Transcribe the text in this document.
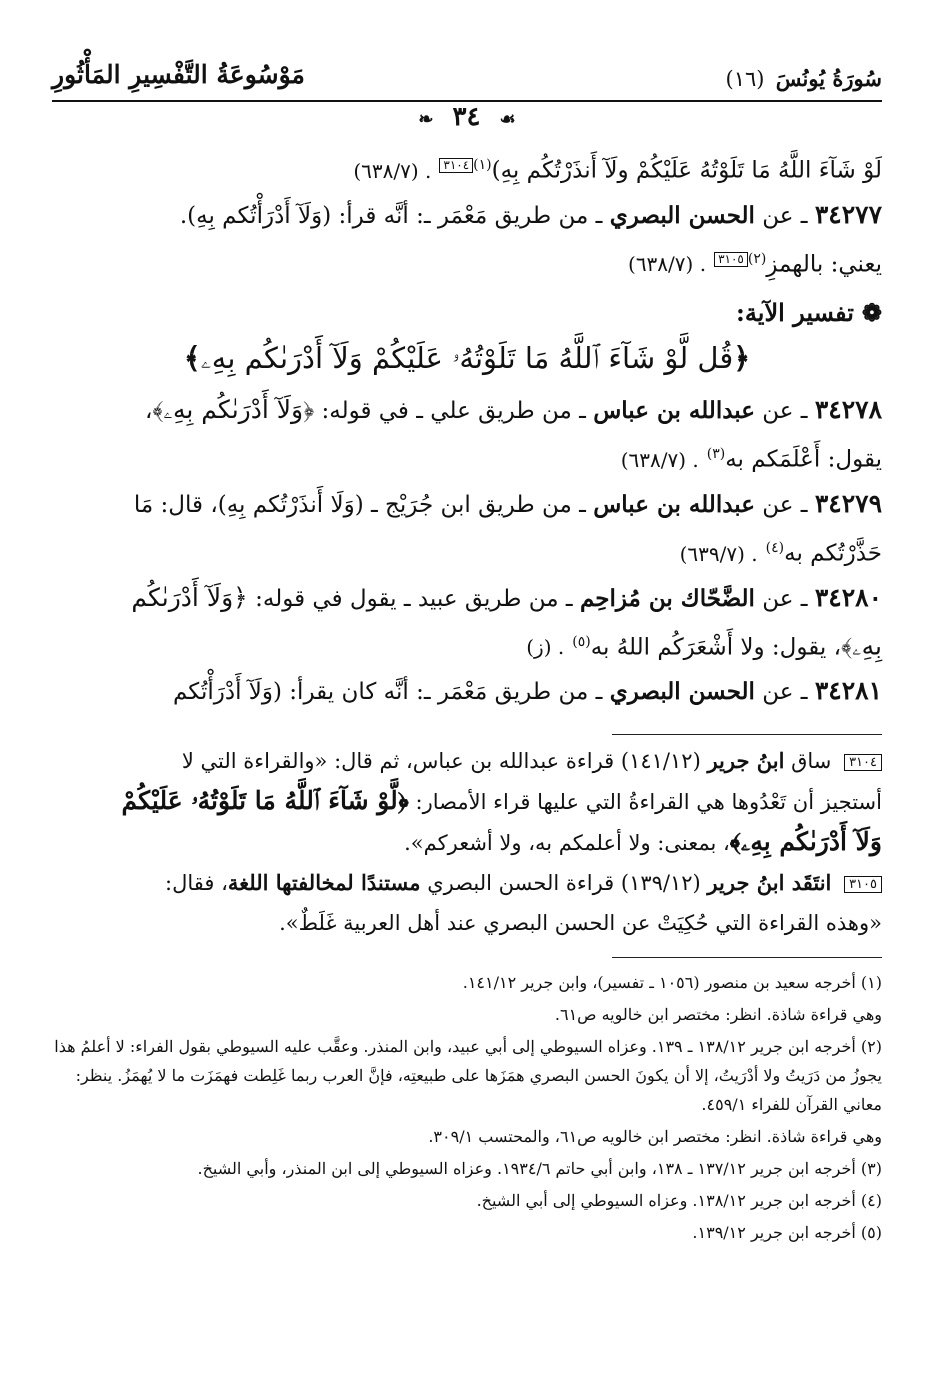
سُورَةُ يُونُسَ (١٦)
مَوْسُوعَةُ التَّفْسِيرِ المَأْثُورِ
☙ ٣٤ ❧

لَوْ شَآءَ اللَّهُ مَا تَلَوْتُهُ عَلَيْكُمْ ولَآ أَنذَرْتُكُم بِهِ)$^{(١)}$٣١٠٤. (٦٣٨/٧)

٣٤٢٧٧ ـ عن الحسن البصري ـ من طريق مَعْمَر ـ: أنَّه قرأ: (وَلَآ أَدْرَأْتُكم بِهِ).

يعني: بالهمزِ$^{(٢)}$٣١٠٥. (٦٣٨/٧)

❁تفسير الآية:

﴿قُل لَّوْ شَآءَ ٱللَّهُ مَا تَلَوْتُهُۥ عَلَيْكُمْ وَلَآ أَدْرَىٰكُم بِهِۦ﴾

٣٤٢٧٨ ـ عن عبدالله بن عباس ـ من طريق علي ـ في قوله: ﴿وَلَآ أَدْرَىٰكُم بِهِۦ﴾،

يقول: أَعْلَمَكم به$^{(٣)}$. (٦٣٨/٧)

٣٤٢٧٩ ـ عن عبدالله بن عباس ـ من طريق ابن جُرَيْج ـ (وَلَا أَنذَرْتُكم بِهِ)، قال: مَا

حَذَّرْتُكم به$^{(٤)}$. (٦٣٩/٧)

٣٤٢٨٠ ـ عن الضَّحّاك بن مُزاحِم ـ من طريق عبيد ـ يقول في قوله: ﴿وَلَآ أَدْرَىٰكُم

بِهِۦ﴾، يقول: ولا أَشْعَرَكُم اللهُ به$^{(٥)}$. (ز)

٣٤٢٨١ ـ عن الحسن البصري ـ من طريق مَعْمَر ـ: أنَّه كان يقرأ: (وَلَآ أَدْرَأْتُكم

٣١٠٤ ساق ابنُ جرير (١٤١/١٢) قراءة عبدالله بن عباس، ثم قال: «والقراءة التي لا

أستجيز أن تَعْدُوها هي القراءةُ التي عليها قراء الأمصار: ﴿لَّوْ شَآءَ ٱللَّهُ مَا تَلَوْتُهُۥ عَلَيْكُمْ

وَلَآ أَدْرَىٰكُم بِهِۦ﴾، بمعنى: ولا أعلمكم به، ولا أشعركم».

٣١٠٥ انتَقَد ابنُ جرير (١٣٩/١٢) قراءة الحسن البصري مستندًا لمخالفتها اللغة، فقال:

«وهذه القراءة التي حُكِيَتْ عن الحسن البصري عند أهل العربية غَلَطٌ».

(١) أخرجه سعيد بن منصور (١٠٥٦ ـ تفسير)، وابن جرير ١٤١/١٢.

وهي قراءة شاذة. انظر: مختصر ابن خالويه ص٦١.

(٢) أخرجه ابن جرير ١٣٨/١٢ ـ ١٣٩. وعزاه السيوطي إلى أبي عبيد، وابن المنذر. وعقَّب عليه السيوطي بقول الفراء: لا أعلمُ هذا يجوزُ من دَرَيتُ ولا أدْرَيتُ، إلا أن يكونَ الحسن البصري همَزَها على طبيعتِه، فإنَّ العرب ربما غَلِطت فهمَزَت ما لا يُهمَزُ. ينظر: معاني القرآن للفراء ٤٥٩/١.

وهي قراءة شاذة. انظر: مختصر ابن خالويه ص٦١، والمحتسب ٣٠٩/١.

(٣) أخرجه ابن جرير ١٣٧/١٢ ـ ١٣٨، وابن أبي حاتم ١٩٣٤/٦. وعزاه السيوطي إلى ابن المنذر، وأبي الشيخ.

(٤) أخرجه ابن جرير ١٣٨/١٢. وعزاه السيوطي إلى أبي الشيخ.

(٥) أخرجه ابن جرير ١٣٩/١٢.
